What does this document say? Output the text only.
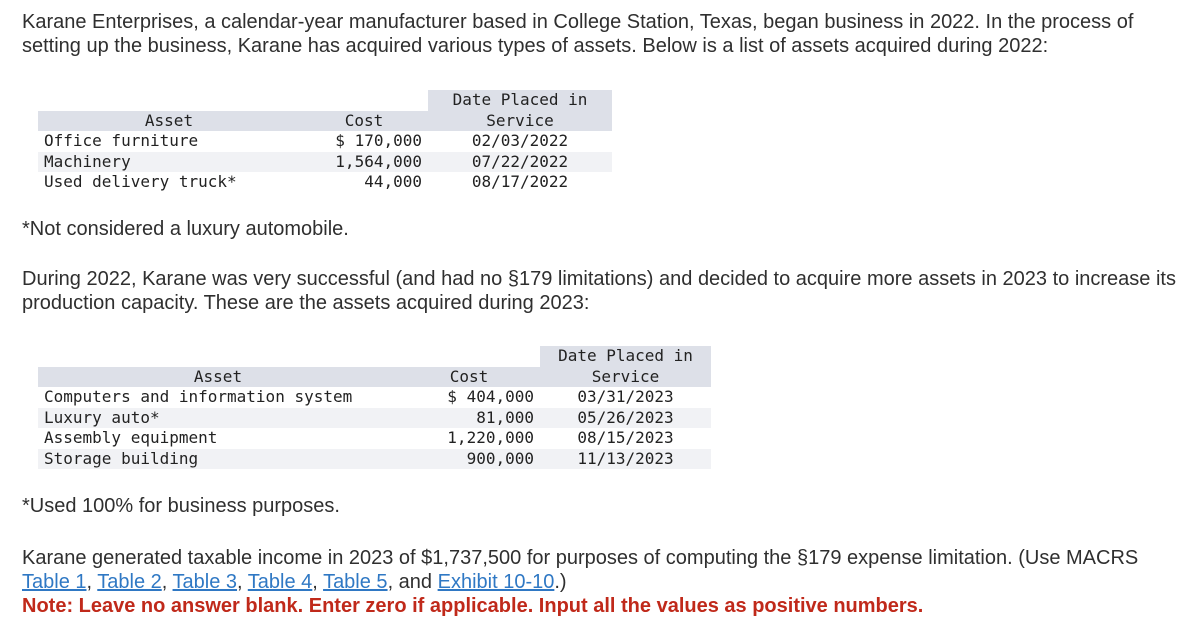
Karane Enterprises, a calendar-year manufacturer based in College Station, Texas, began business in 2022. In the process of setting up the business, Karane has acquired various types of assets. Below is a list of assets acquired during 2022:

		Date Placed in
Asset	Cost	Service
Office furniture	$ 170,000	02/03/2022
Machinery	1,564,000	07/22/2022
Used delivery truck*	44,000	08/17/2022

*Not considered a luxury automobile.

During 2022, Karane was very successful (and had no §179 limitations) and decided to acquire more assets in 2023 to increase its production capacity. These are the assets acquired during 2023:

		Date Placed in
Asset	Cost	Service
Computers and information system	$ 404,000	03/31/2023
Luxury auto*	81,000	05/26/2023
Assembly equipment	1,220,000	08/15/2023
Storage building	900,000	11/13/2023

*Used 100% for business purposes.

Karane generated taxable income in 2023 of $1,737,500 for purposes of computing the §179 expense limitation. (Use MACRS Table 1, Table 2, Table 3, Table 4, Table 5, and Exhibit 10-10.)
Note: Leave no answer blank. Enter zero if applicable. Input all the values as positive numbers.
